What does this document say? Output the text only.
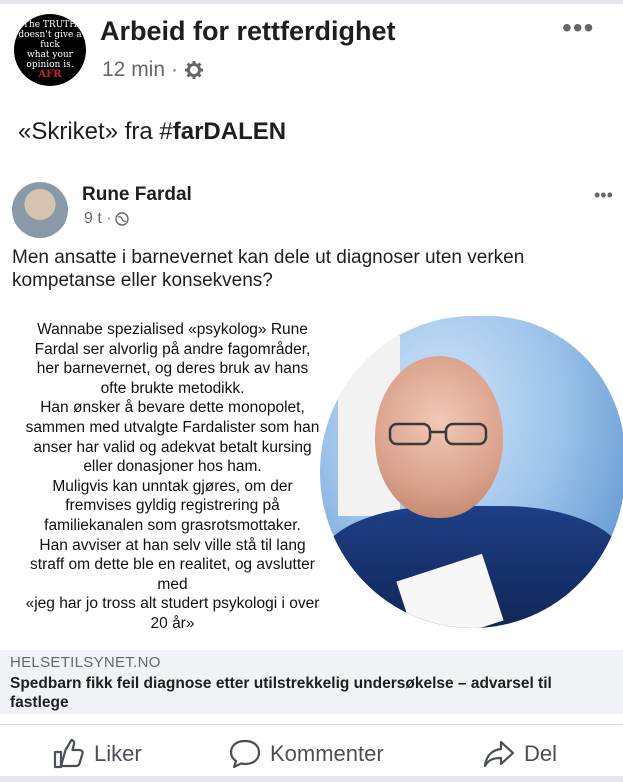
The TRUTH
doesn't give a
fuck
what your
opinion is.
AFR
Arbeid for rettferdighet
12 min ·
•••
«Skriket» fra #farDALEN
Rune Fardal
9 t ·
•••
Men ansatte i barnevernet kan dele ut diagnoser uten verken kompetanse eller konsekvens?
Wannabe spezialised «psykolog» Rune
Fardal ser alvorlig på andre fagområder,
her barnevernet, og deres bruk av hans
ofte brukte metodikk.
Han ønsker å bevare dette monopolet,
sammen med utvalgte Fardalister som han
anser har valid og adekvat betalt kursing
eller donasjoner hos ham.
Muligvis kan unntak gjøres, om der
fremvises gyldig registrering på
familiekanalen som grasrotsmottaker.
Han avviser at han selv ville stå til lang
straff om dette ble en realitet, og avslutter
med
«jeg har jo tross alt studert psykologi i over
20 år»
HELSETILSYNET.NO
Spedbarn fikk feil diagnose etter utilstrekkelig undersøkelse – advarsel til fastlege
Liker	Kommenter	Del
